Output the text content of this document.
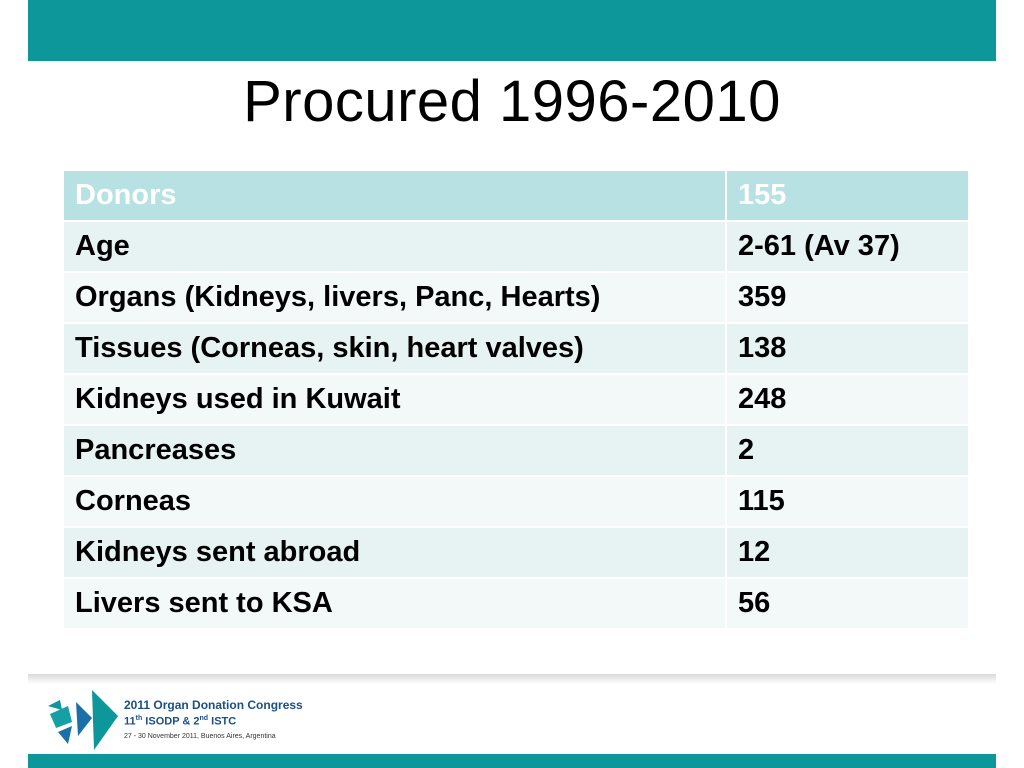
Procured 1996-2010
Donors	155
Age	2-61 (Av 37)
Organs (Kidneys, livers, Panc, Hearts)	359
Tissues (Corneas, skin, heart valves)	138
Kidneys used in Kuwait	248
Pancreases	2
Corneas	115
Kidneys sent abroad	12
Livers sent to KSA	56
2011 Organ Donation Congress
11th ISODP & 2nd ISTC
27 - 30 November 2011, Buenos Aires, Argentina
